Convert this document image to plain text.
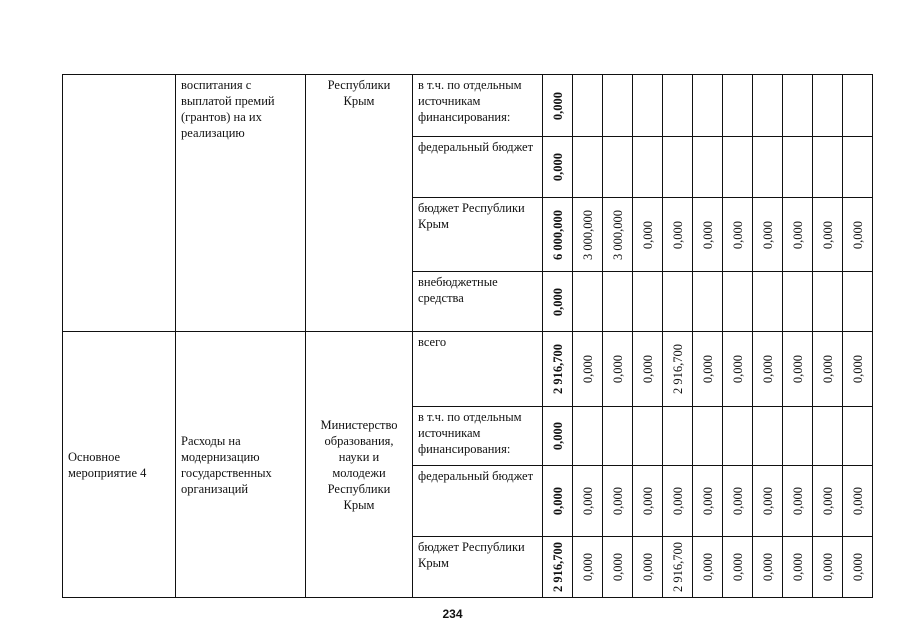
	воспитания с выплатой премий (грантов) на их реализацию	Республики Крым	в т.ч. по отдельным источникам финансирования:	0,000										

			федеральный бюджет	0,000										

			бюджет Республики Крым	6 000,000	3 000,000	3 000,000	0,000	0,000	0,000	0,000	0,000	0,000	0,000	0,000

			внебюджетные средства	0,000										

Основное мероприятие 4	Расходы на модернизацию государственных организаций	Министерство образования, науки и молодежи Республики Крым	всего	2 916,700	0,000	0,000	0,000	2 916,700	0,000	0,000	0,000	0,000	0,000	0,000

			в т.ч. по отдельным источникам финансирования:	0,000										

			федеральный бюджет	0,000	0,000	0,000	0,000	0,000	0,000	0,000	0,000	0,000	0,000	0,000

			бюджет Республики Крым	2 916,700	0,000	0,000	0,000	2 916,700	0,000	0,000	0,000	0,000	0,000	0,000
234
